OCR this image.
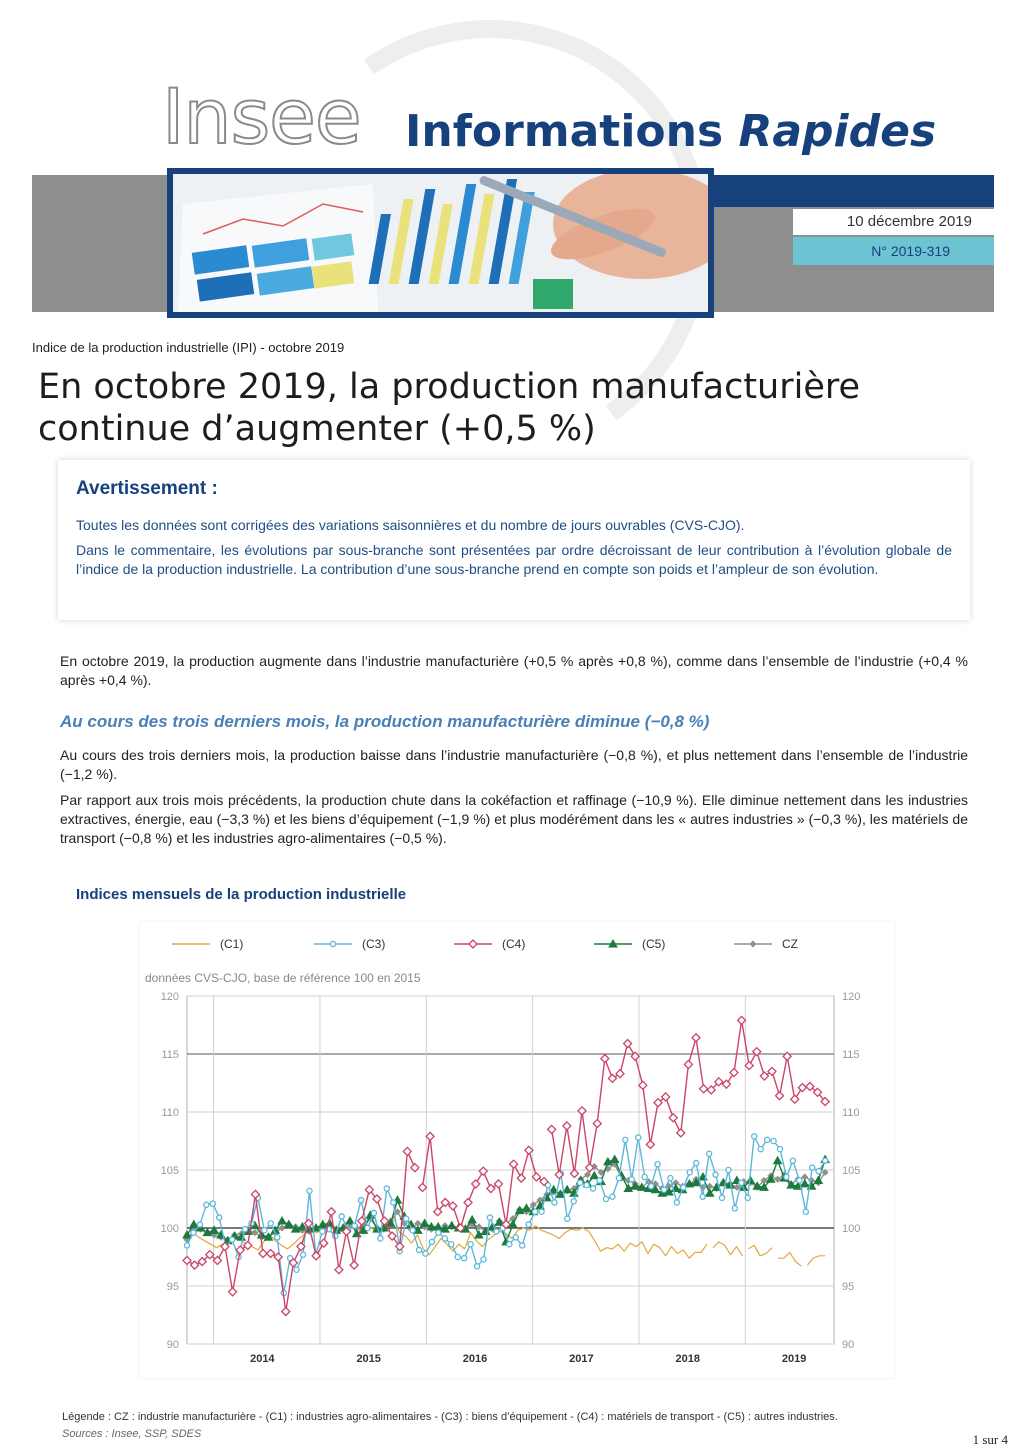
Insee Informations Rapides
10 décembre 2019
N° 2019-319
Indice de la production industrielle (IPI) - octobre 2019
En octobre 2019, la production manufacturière continue d’augmenter (+0,5 %)
Avertissement :

Toutes les données sont corrigées des variations saisonnières et du nombre de jours ouvrables (CVS-CJO).

Dans le commentaire, les évolutions par sous-branche sont présentées par ordre décroissant de leur contribution à l’évolution globale de l’indice de la production industrielle. La contribution d’une sous-branche prend en compte son poids et l’ampleur de son évolution.

En octobre 2019, la production augmente dans l’industrie manufacturière (+0,5 % après +0,8 %), comme dans l’ensemble de l’industrie (+0,4 % après +0,4 %).

Au cours des trois derniers mois, la production manufacturière diminue (−0,8 %)

Au cours des trois derniers mois, la production baisse dans l’industrie manufacturière (−0,8 %), et plus nettement dans l’ensemble de l’industrie (−1,2 %).

Par rapport aux trois mois précédents, la production chute dans la cokéfaction et raffinage (−10,9 %). Elle diminue nettement dans les industries extractives, énergie, eau (−3,3 %) et les biens d’équipement (−1,9 %) et plus modérément dans les « autres industries » (−0,3 %), les matériels de transport (−0,8 %) et les industries agro-alimentaires (−0,5 %).

Indices mensuels de la production industrielle
90	90
95	95
100	100
105	105
110	110
115	115
120	120
2014	2015	2016	2017	2018	2019
données CVS-CJO, base de référence 100 en 2015
(C1)	(C3)	(C4)	(C5)	CZ
Légende : CZ : industrie manufacturière - (C1) : industries agro-alimentaires - (C3) : biens d’équipement - (C4) : matériels de transport - (C5) : autres industries.
Sources : Insee, SSP, SDES	1 sur 4
